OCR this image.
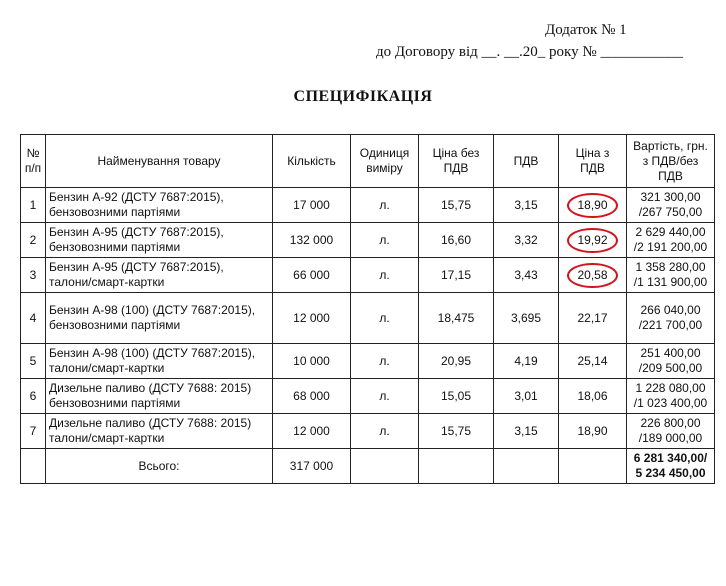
Додаток № 1
до Договору від __. __.20_ року № ___________
СПЕЦИФІКАЦІЯ
№ п/п	Найменування товару	Кількість	Одиниця виміру	Ціна без ПДВ	ПДВ	Ціна з ПДВ	Вартість, грн. з ПДВ/без ПДВ
1	Бензин А-92 (ДСТУ 7687:2015), бензовозними партіями	17 000	л.	15,75	3,15	18,90	321 300,00 /267 750,00
2	Бензин А-95 (ДСТУ 7687:2015), бензовозними партіями	132 000	л.	16,60	3,32	19,92	2 629 440,00 /2 191 200,00
3	Бензин А-95 (ДСТУ 7687:2015), талони/смарт-картки	66 000	л.	17,15	3,43	20,58	1 358 280,00 /1 131 900,00
4	Бензин А-98 (100) (ДСТУ 7687:2015), бензовозними партіями	12 000	л.	18,475	3,695	22,17	266 040,00 /221 700,00
5	Бензин А-98 (100) (ДСТУ 7687:2015), талони/смарт-картки	10 000	л.	20,95	4,19	25,14	251 400,00 /209 500,00
6	Дизельне паливо (ДСТУ 7688: 2015) бензовозними партіями	68 000	л.	15,05	3,01	18,06	1 228 080,00 /1 023 400,00
7	Дизельне паливо (ДСТУ 7688: 2015) талони/смарт-картки	12 000	л.	15,75	3,15	18,90	226 800,00 /189 000,00
	Всього:	317 000					6 281 340,00/ 5 234 450,00
